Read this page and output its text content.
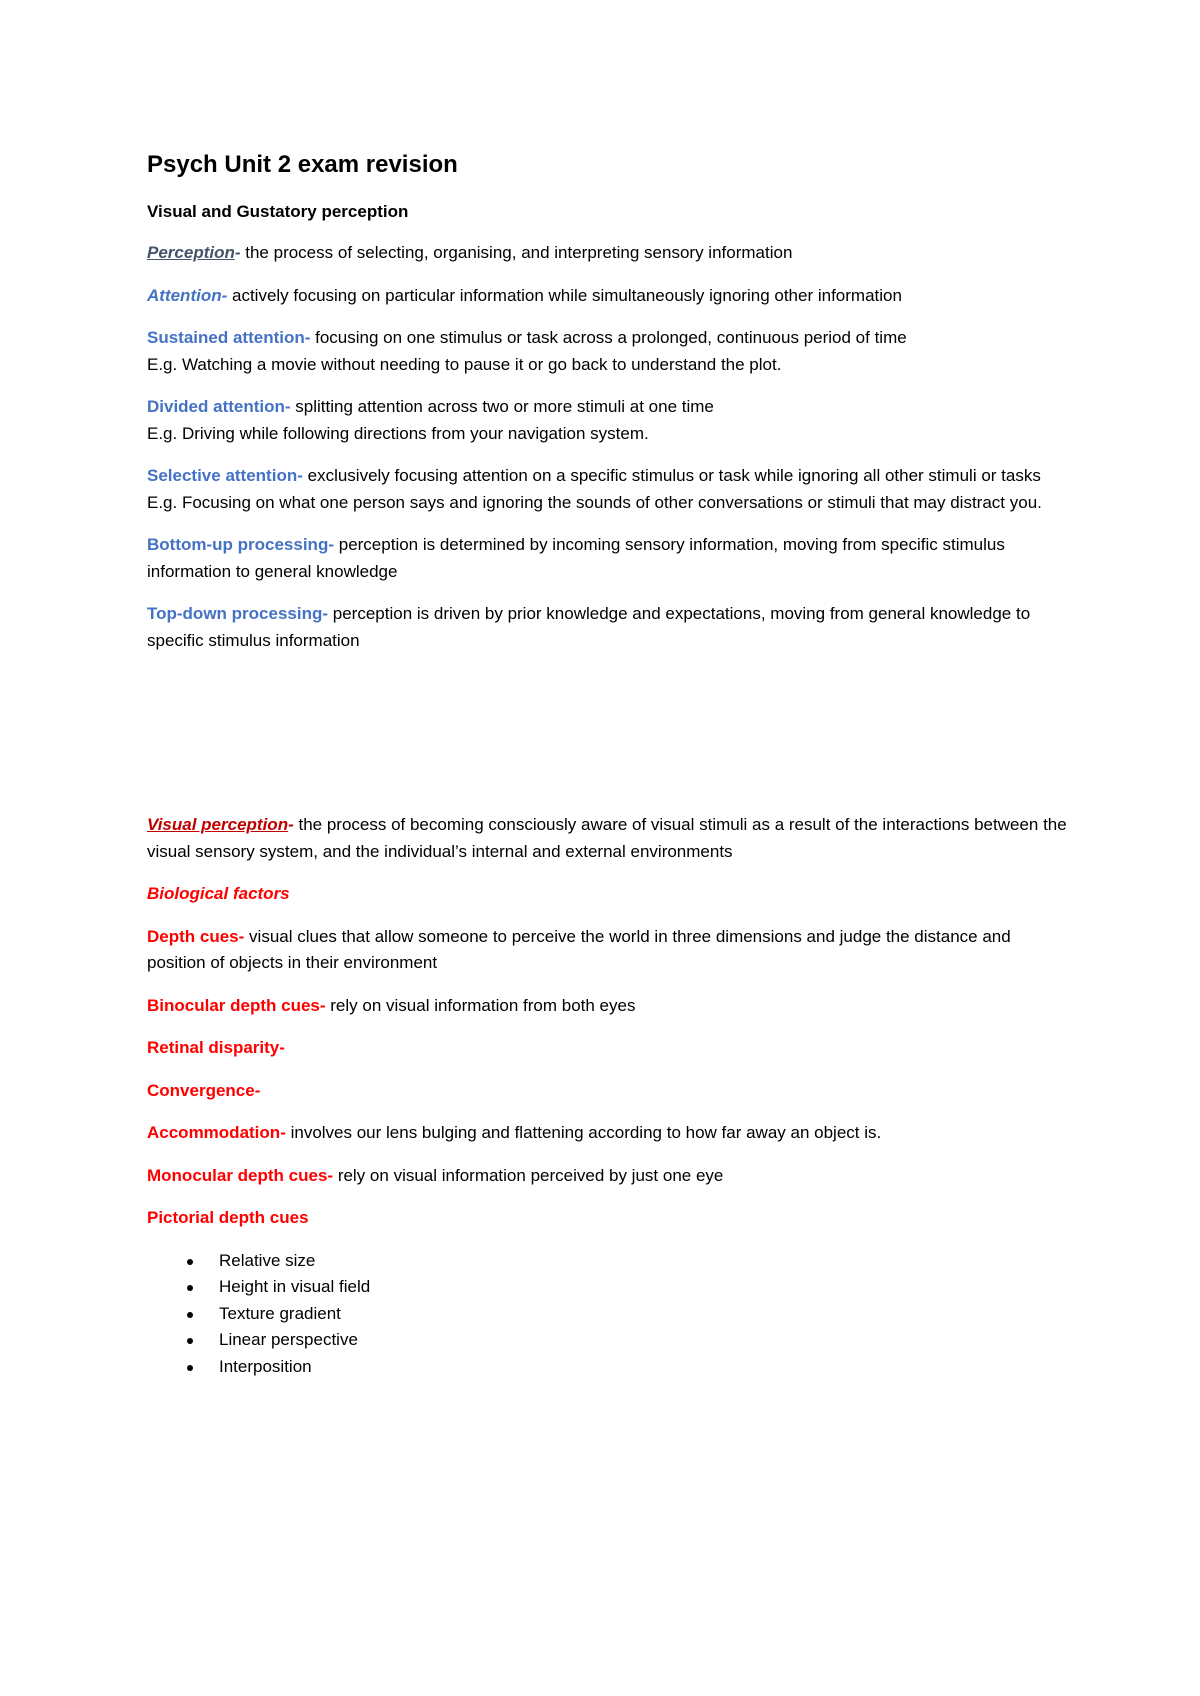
Psych Unit 2 exam revision
Visual and Gustatory perception

Perception- the process of selecting, organising, and interpreting sensory information

Attention- actively focusing on particular information while simultaneously ignoring other information

Sustained attention- focusing on one stimulus or task across a prolonged, continuous period of time
E.g. Watching a movie without needing to pause it or go back to understand the plot.

Divided attention- splitting attention across two or more stimuli at one time
E.g. Driving while following directions from your navigation system.

Selective attention- exclusively focusing attention on a specific stimulus or task while ignoring all other stimuli or tasks
E.g. Focusing on what one person says and ignoring the sounds of other conversations or stimuli that may distract you.

Bottom-up processing- perception is determined by incoming sensory information, moving from specific stimulus information to general knowledge

Top-down processing- perception is driven by prior knowledge and expectations, moving from general knowledge to specific stimulus information

Visual perception- the process of becoming consciously aware of visual stimuli as a result of the interactions between the visual sensory system, and the individual’s internal and external environments

Biological factors

Depth cues- visual clues that allow someone to perceive the world in three dimensions and judge the distance and position of objects in their environment

Binocular depth cues- rely on visual information from both eyes

Retinal disparity-

Convergence-

Accommodation- involves our lens bulging and flattening according to how far away an object is.

Monocular depth cues- rely on visual information perceived by just one eye

Pictorial depth cues

Relative size
Height in visual field
Texture gradient
Linear perspective
Interposition
